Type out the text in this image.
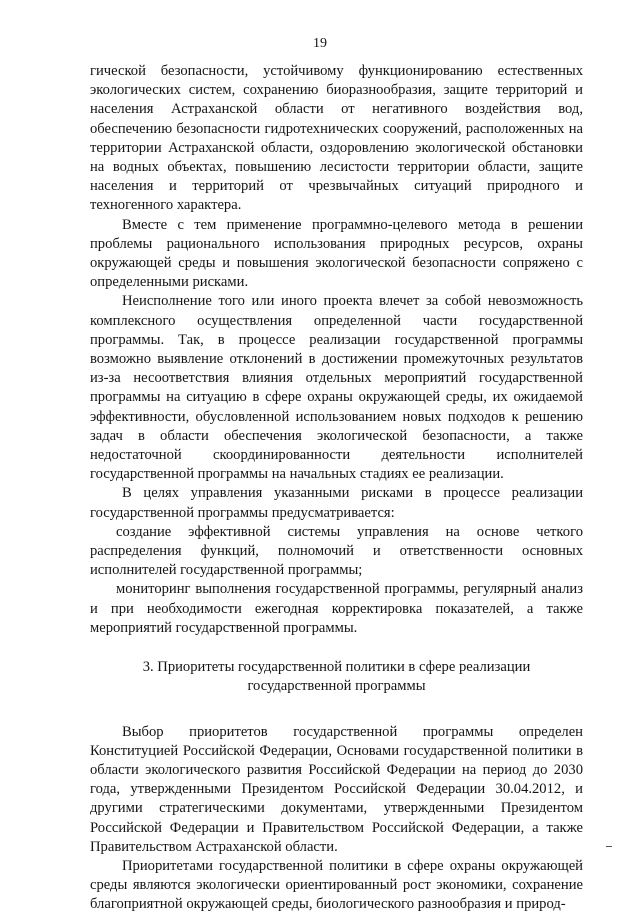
19

гической безопасности, устойчивому функционированию естественных экологических систем, сохранению биоразнообразия, защите территорий и населения Астраханской области от негативного воздействия вод, обеспечению безопасности гидротехнических сооружений, расположенных на территории Астраханской области, оздоровлению экологической обстановки на водных объектах, повышению лесистости территории области, защите населения и территорий от чрезвычайных ситуаций природного и техногенного характера.

Вместе с тем применение программно-целевого метода в решении проблемы рационального использования природных ресурсов, охраны окружающей среды и повышения экологической безопасности сопряжено с определенными рисками.

Неисполнение того или иного проекта влечет за собой невозможность комплексного осуществления определенной части государственной программы. Так, в процессе реализации государственной программы возможно выявление отклонений в достижении промежуточных результатов из-за несоответствия влияния отдельных мероприятий государственной программы на ситуацию в сфере охраны окружающей среды, их ожидаемой эффективности, обусловленной использованием новых подходов к решению задач в области обеспечения экологической безопасности, а также недостаточной скоординированности деятельности исполнителей государственной программы на начальных стадиях ее реализации.

В целях управления указанными рисками в процессе реализации государственной программы предусматривается:

создание эффективной системы управления на основе четкого распределения функций, полномочий и ответственности основных исполнителей государственной программы;

мониторинг выполнения государственной программы, регулярный анализ и при необходимости ежегодная корректировка показателей, а также мероприятий государственной программы.

3. Приоритеты государственной политики в сфере реализации
государственной программы

Выбор приоритетов государственной программы определен Конституцией Российской Федерации, Основами государственной политики в области экологического развития Российской Федерации на период до 2030 года, утвержденными Президентом Российской Федерации 30.04.2012, и другими стратегическими документами, утвержденными Президентом Российской Федерации и Правительством Российской Федерации, а также Правительством Астраханской области.

Приоритетами государственной политики в сфере охраны окружающей среды являются экологически ориентированный рост экономики, сохранение благоприятной окружающей среды, биологического разнообразия и природ-
